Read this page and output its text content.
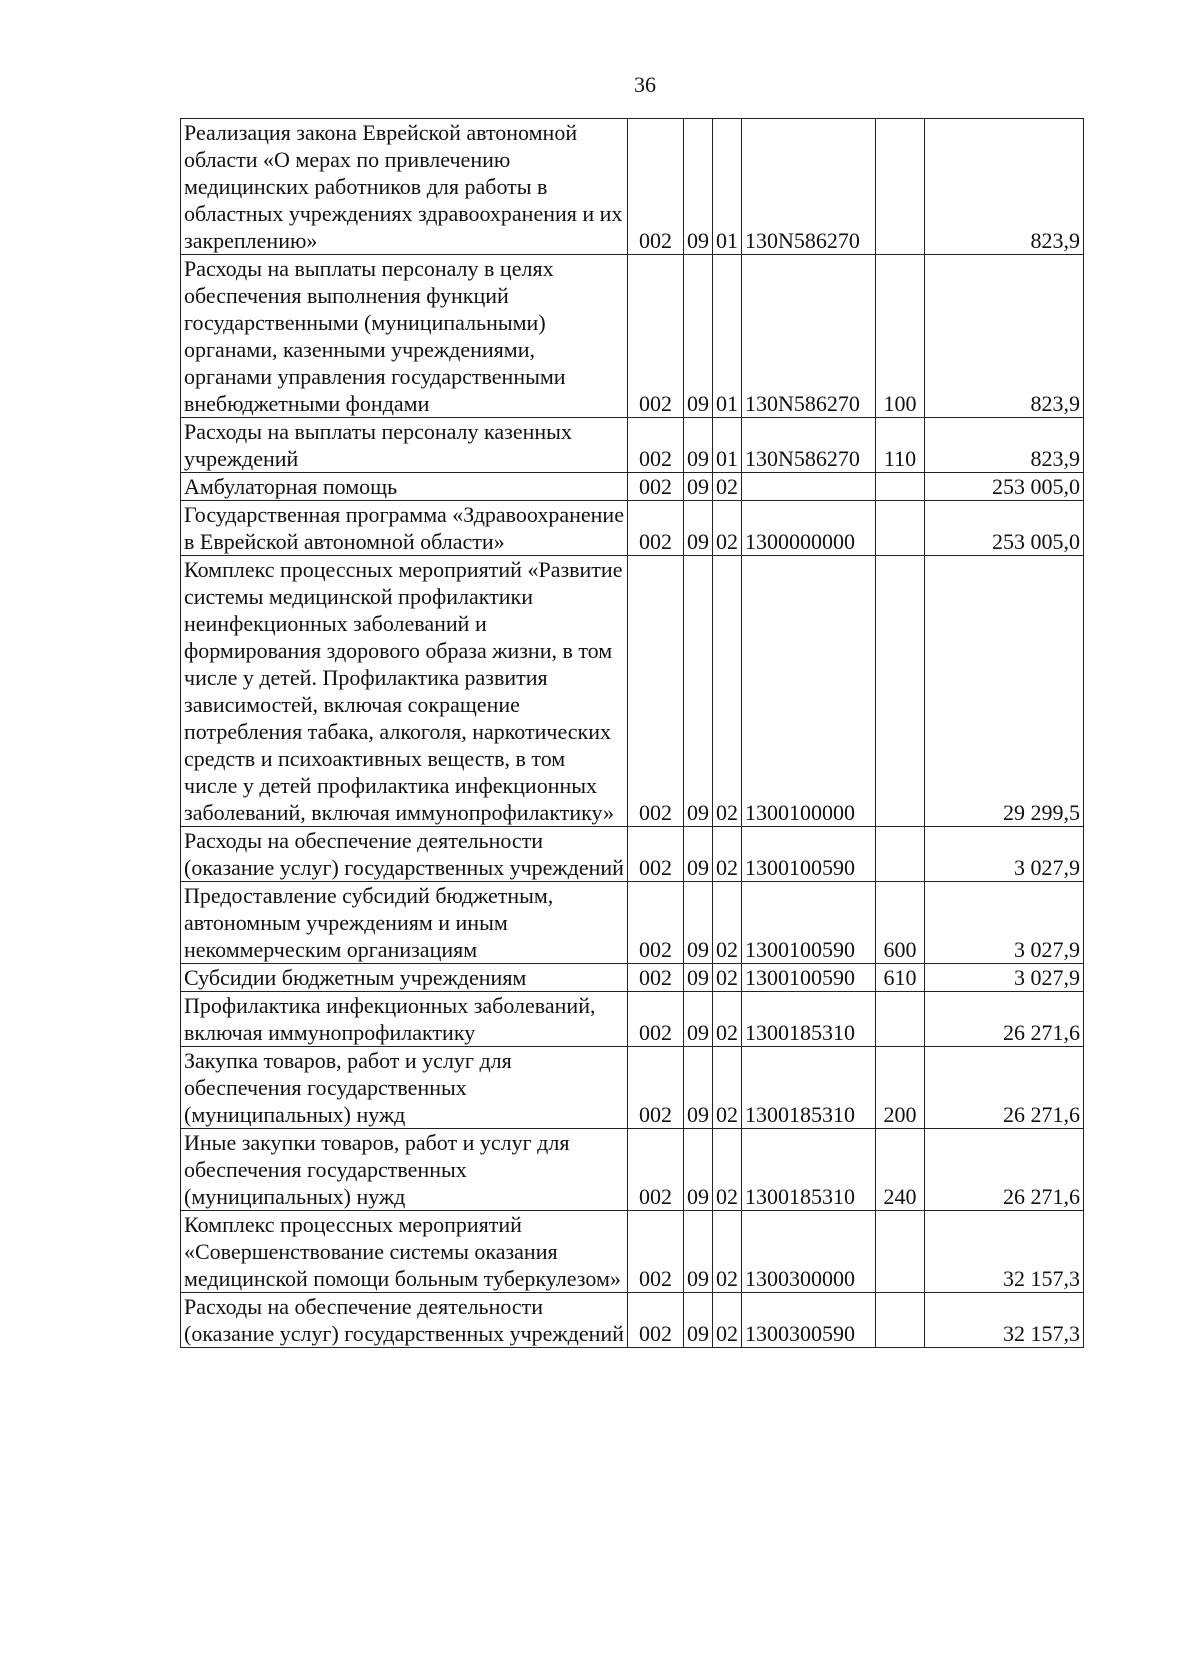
36
Реализация закона Еврейской автономной области «О мерах по привлечению медицинских работников для работы в областных учреждениях здравоохранения и их закреплению»	002	09	01	130N586270		823,9
Расходы на выплаты персоналу в целях обеспечения выполнения функций государственными (муниципальными) органами, казенными учреждениями, органами управления государственными внебюджетными фондами	002	09	01	130N586270	100	823,9
Расходы на выплаты персоналу казенных учреждений	002	09	01	130N586270	110	823,9
Амбулаторная помощь	002	09	02			253 005,0
Государственная программа «Здравоохранение в Еврейской автономной области»	002	09	02	1300000000		253 005,0
Комплекс процессных мероприятий «Развитие системы медицинской профилактики неинфекционных заболеваний и формирования здорового образа жизни, в том числе у детей. Профилактика развития зависимостей, включая сокращение потребления табака, алкоголя, наркотических средств и психоактивных веществ, в том числе у детей профилактика инфекционных заболеваний, включая иммунопрофилактику»	002	09	02	1300100000		29 299,5
Расходы на обеспечение деятельности (оказание услуг) государственных учреждений	002	09	02	1300100590		3 027,9
Предоставление субсидий бюджетным, автономным учреждениям и иным некоммерческим организациям	002	09	02	1300100590	600	3 027,9
Субсидии бюджетным учреждениям	002	09	02	1300100590	610	3 027,9
Профилактика инфекционных заболеваний, включая иммунопрофилактику	002	09	02	1300185310		26 271,6
Закупка товаров, работ и услуг для обеспечения государственных (муниципальных) нужд	002	09	02	1300185310	200	26 271,6
Иные закупки товаров, работ и услуг для обеспечения государственных (муниципальных) нужд	002	09	02	1300185310	240	26 271,6
Комплекс процессных мероприятий «Совершенствование системы оказания медицинской помощи больным туберкулезом»	002	09	02	1300300000		32 157,3
Расходы на обеспечение деятельности (оказание услуг) государственных учреждений	002	09	02	1300300590		32 157,3
